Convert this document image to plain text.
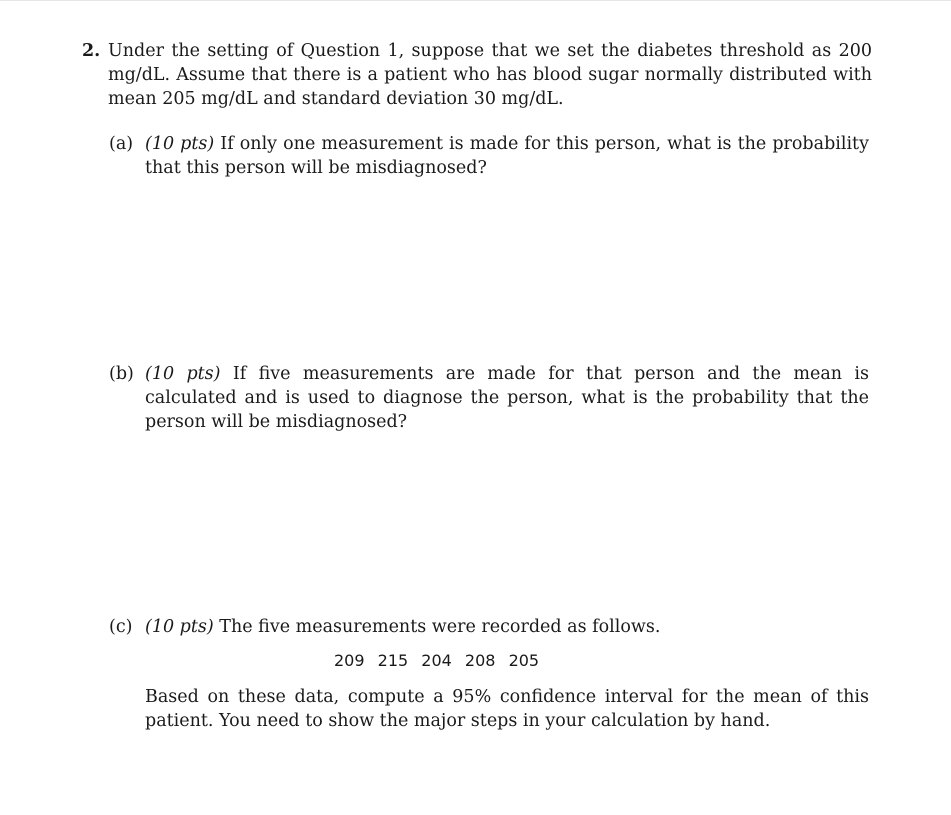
2. Under the setting of Question 1, suppose that we set the diabetes threshold as 200 mg/dL. Assume that there is a patient who has blood sugar normally distributed with mean 205 mg/dL and standard deviation 30 mg/dL.
(a) (10 pts) If only one measurement is made for this person, what is the probability that this person will be misdiagnosed?
(b) (10 pts) If five measurements are made for that person and the mean is calculated and is used to diagnose the person, what is the probability that the person will be misdiagnosed?
(c) (10 pts) The five measurements were recorded as follows.
209 215 204 208 205
Based on these data, compute a 95% confidence interval for the mean of this patient. You need to show the major steps in your calculation by hand.
